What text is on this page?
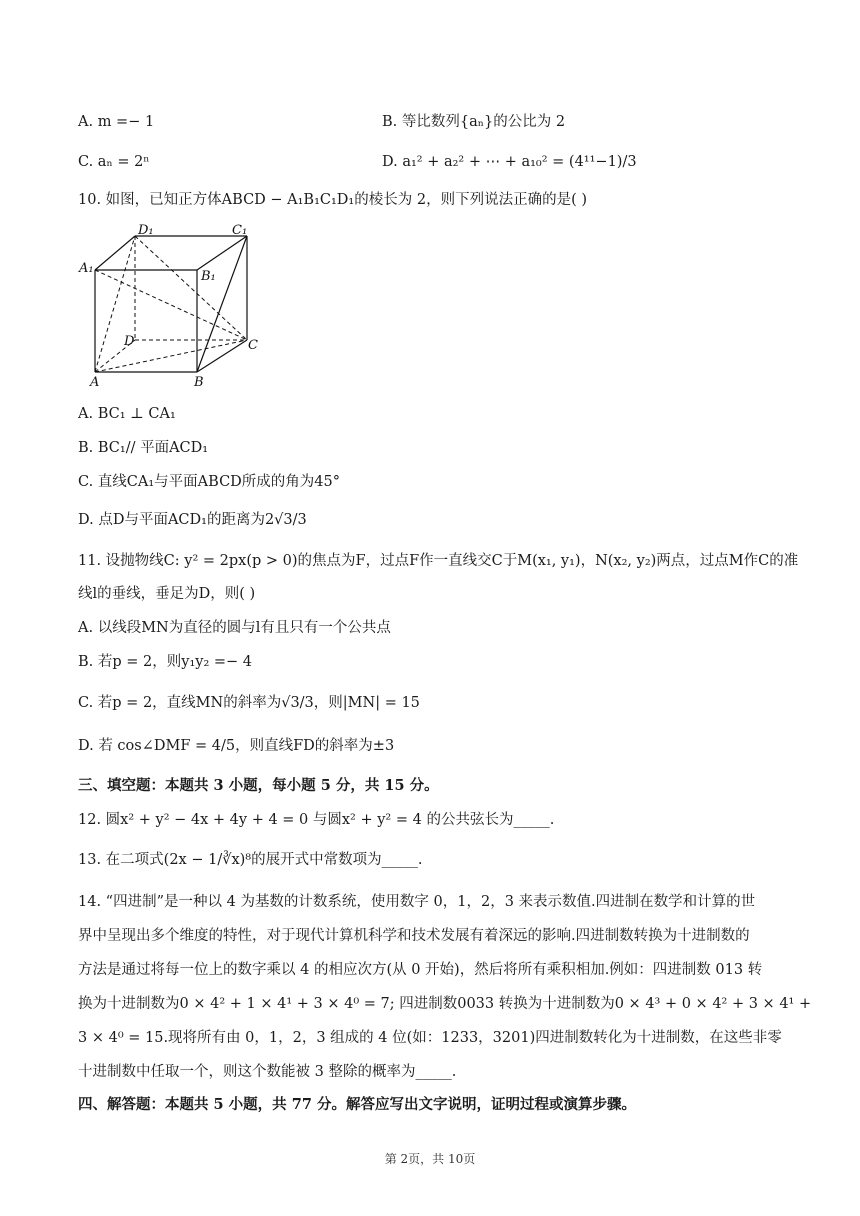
A. m =− 1	B. 等比数列{aₙ}的公比为 2
C. aₙ = 2ⁿ	D. a₁² + a₂² + ⋯ + a₁₀² = (4¹¹−1)/3
10. 如图，已知正方体ABCD − A₁B₁C₁D₁的棱长为 2，则下列说法正确的是( )
D₁	C₁
A₁
B₁
D	C
A	B
A. BC₁ ⊥ CA₁
B. BC₁// 平面ACD₁
C. 直线CA₁与平面ABCD所成的角为45°
D. 点D与平面ACD₁的距离为2√3/3
11. 设抛物线C: y² = 2px(p > 0)的焦点为F，过点F作一直线交C于M(x₁, y₁)，N(x₂, y₂)两点，过点M作C的准
线l的垂线，垂足为D，则( )
A. 以线段MN为直径的圆与l有且只有一个公共点
B. 若p = 2，则y₁y₂ =− 4
C. 若p = 2，直线MN的斜率为√3/3，则|MN| = 15
D. 若 cos∠DMF = 4/5，则直线FD的斜率为±3
三、填空题：本题共 3 小题，每小题 5 分，共 15 分。
12. 圆x² + y² − 4x + 4y + 4 = 0 与圆x² + y² = 4 的公共弦长为_____.
13. 在二项式(2x − 1/∛x)⁸的展开式中常数项为_____.
14. “四进制”是一种以 4 为基数的计数系统，使用数字 0，1，2，3 来表示数值.四进制在数学和计算的世
界中呈现出多个维度的特性，对于现代计算机科学和技术发展有着深远的影响.四进制数转换为十进制数的
方法是通过将每一位上的数字乘以 4 的相应次方(从 0 开始)，然后将所有乘积相加.例如：四进制数 013 转
换为十进制数为0 × 4² + 1 × 4¹ + 3 × 4⁰ = 7; 四进制数0033 转换为十进制数为0 × 4³ + 0 × 4² + 3 × 4¹ +
3 × 4⁰ = 15.现将所有由 0，1，2，3 组成的 4 位(如：1233，3201)四进制数转化为十进制数，在这些非零
十进制数中任取一个，则这个数能被 3 整除的概率为_____.
四、解答题：本题共 5 小题，共 77 分。解答应写出文字说明，证明过程或演算步骤。
第 2页，共 10页
